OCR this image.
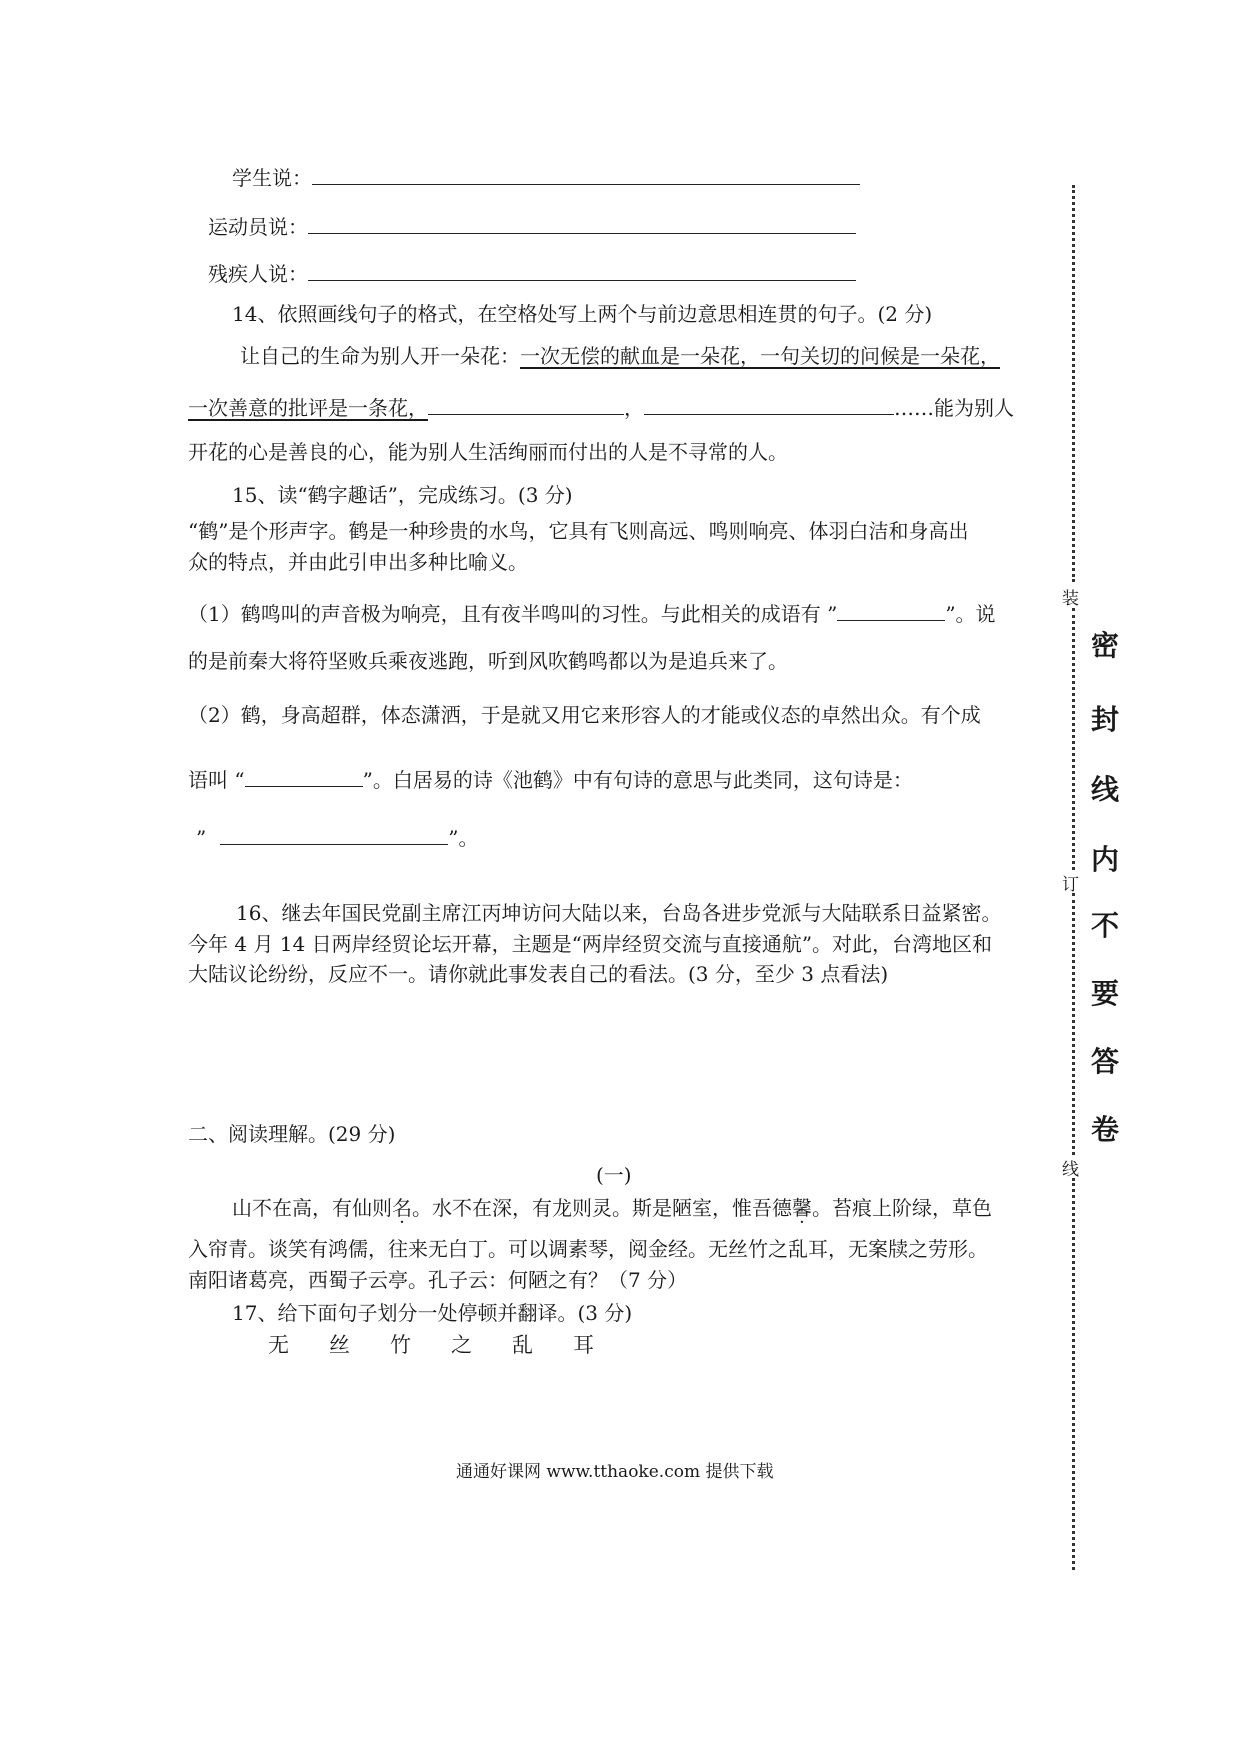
学生说：
运动员说：
残疾人说：
14、依照画线句子的格式，在空格处写上两个与前边意思相连贯的句子。(2 分)
让自己的生命为别人开一朵花：一次无偿的献血是一朵花，一句关切的问候是一朵花，
一次善意的批评是一条花，	，	……能为别人
开花的心是善良的心，能为别人生活绚丽而付出的人是不寻常的人。
15、读“鹤字趣话”，完成练习。(3 分)
“鹤”是个形声字。鹤是一种珍贵的水鸟，它具有飞则高远、鸣则响亮、体羽白洁和身高出
众的特点，并由此引申出多种比喻义。
（1）鹤鸣叫的声音极为响亮，且有夜半鸣叫的习性。与此相关的成语有 ”	”。说
的是前秦大将符坚败兵乘夜逃跑，听到风吹鹤鸣都以为是追兵来了。
（2）鹤，身高超群，体态潇洒，于是就又用它来形容人的才能或仪态的卓然出众。有个成
语叫 “	”。白居易的诗《池鹤》中有句诗的意思与此类同，这句诗是：
”	”。
16、继去年国民党副主席江丙坤访问大陆以来，台岛各进步党派与大陆联系日益紧密。
今年 4 月 14 日两岸经贸论坛开幕，主题是“两岸经贸交流与直接通航”。对此，台湾地区和
大陆议论纷纷，反应不一。请你就此事发表自己的看法。(3 分，至少 3 点看法)
二、阅读理解。(29 分)
(一)
山不在高，有仙则名。水不在深，有龙则灵。斯是陋室，惟吾德馨。苔痕上阶绿，草色
入帘青。谈笑有鸿儒，往来无白丁。可以调素琴，阅金经。无丝竹之乱耳，无案牍之劳形。
南阳诸葛亮，西蜀子云亭。孔子云：何陋之有？（7 分）
17、给下面句子划分一处停顿并翻译。(3 分)
无 丝 竹 之 乱 耳
装
订
线
密
封
线
内
不
要
答
卷
通通好课网 www.tthaoke.com 提供下载
